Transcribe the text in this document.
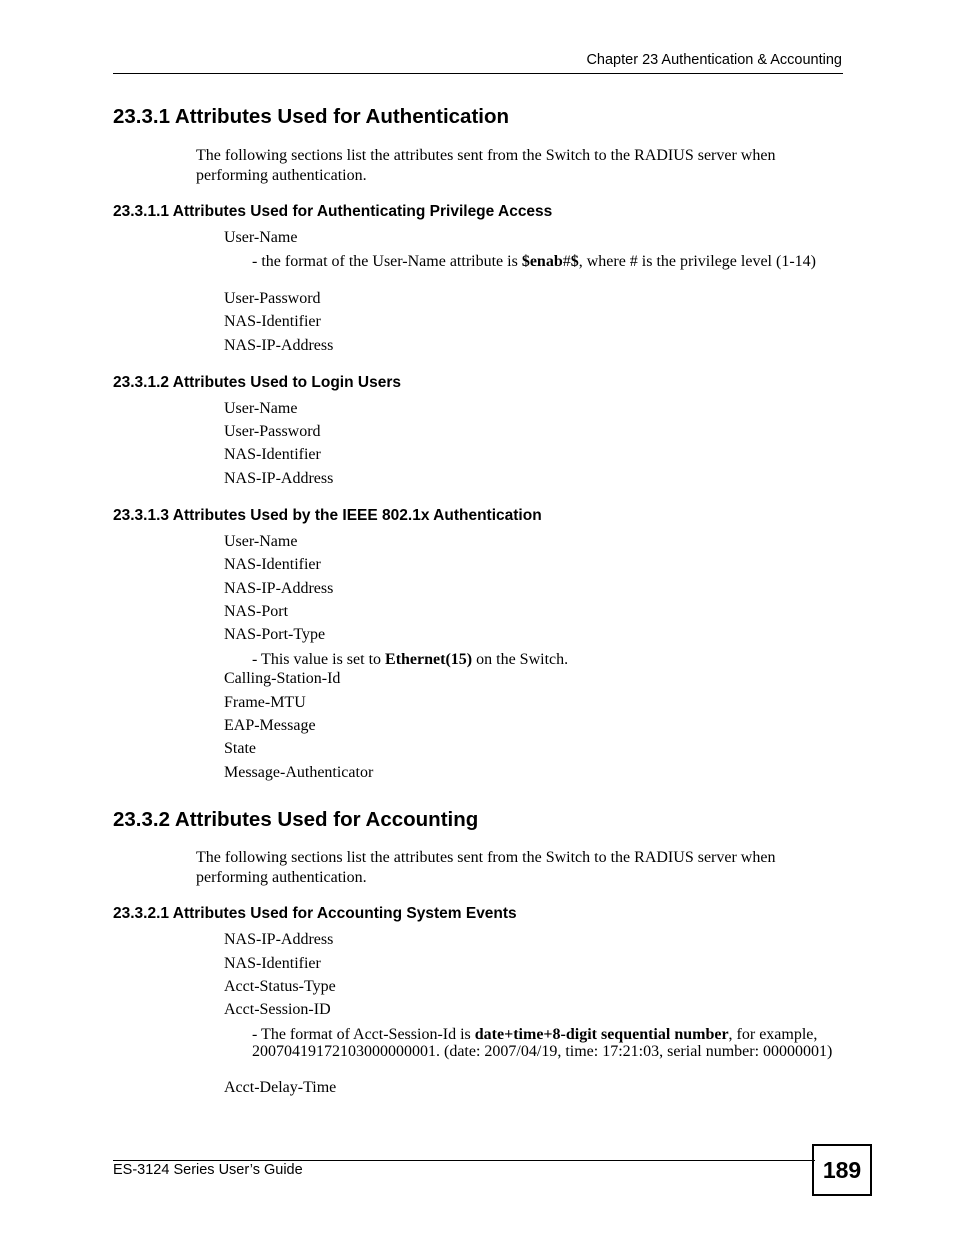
Chapter 23 Authentication & Accounting
23.3.1 Attributes Used for Authentication
The following sections list the attributes sent from the Switch to the RADIUS server when performing authentication.
23.3.1.1 Attributes Used for Authenticating Privilege Access
User-Name
- the format of the User-Name attribute is $enab#$, where # is the privilege level (1-14)
User-Password
NAS-Identifier
NAS-IP-Address
23.3.1.2 Attributes Used to Login Users
User-Name
User-Password
NAS-Identifier
NAS-IP-Address
23.3.1.3 Attributes Used by the IEEE 802.1x Authentication
User-Name
NAS-Identifier
NAS-IP-Address
NAS-Port
NAS-Port-Type
- This value is set to Ethernet(15) on the Switch.
Calling-Station-Id
Frame-MTU
EAP-Message
State
Message-Authenticator
23.3.2 Attributes Used for Accounting
The following sections list the attributes sent from the Switch to the RADIUS server when performing authentication.
23.3.2.1 Attributes Used for Accounting System Events
NAS-IP-Address
NAS-Identifier
Acct-Status-Type
Acct-Session-ID
- The format of Acct-Session-Id is date+time+8-digit sequential number, for example, 20070419172103000000001. (date: 2007/04/19, time: 17:21:03, serial number: 00000001)
Acct-Delay-Time
ES-3124 Series User’s Guide	189
